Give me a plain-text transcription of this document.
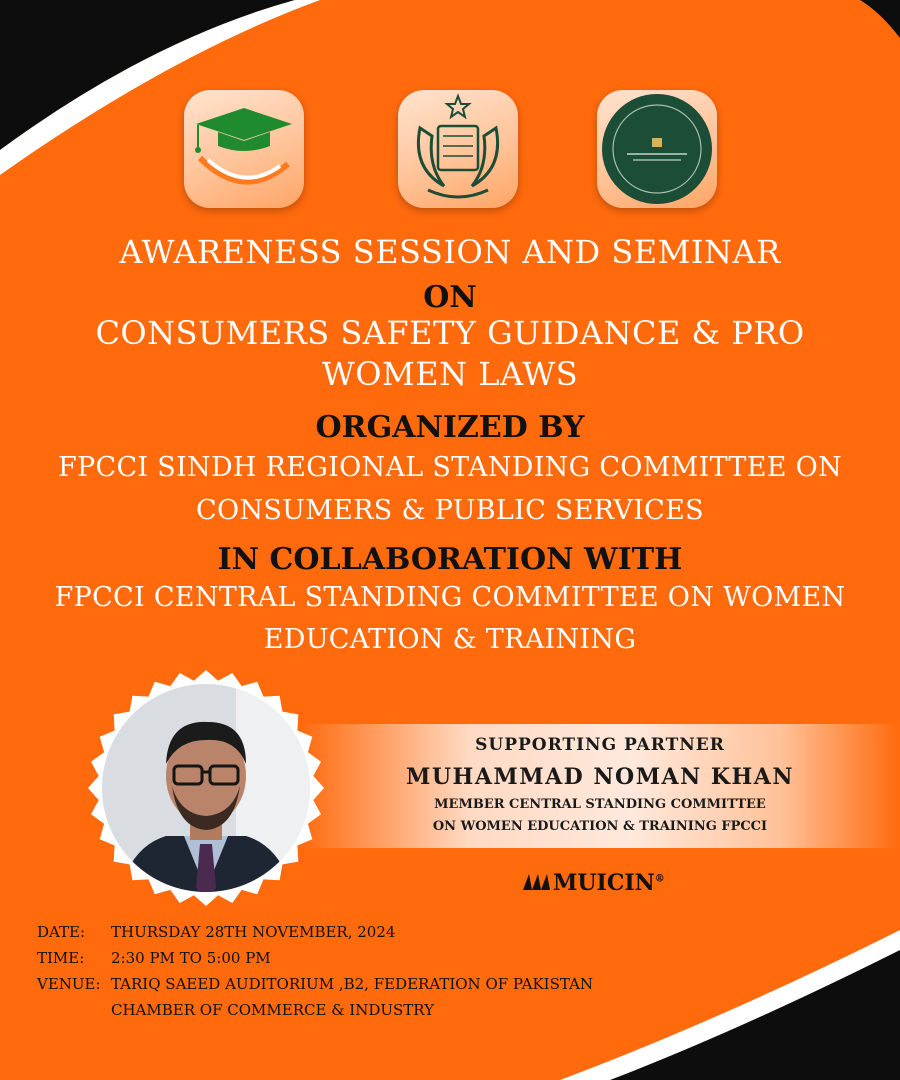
AWARENESS SESSION AND SEMINAR
ON
CONSUMERS SAFETY GUIDANCE & PRO
WOMEN LAWS
ORGANIZED BY
FPCCI SINDH REGIONAL STANDING COMMITTEE ON
CONSUMERS & PUBLIC SERVICES
IN COLLABORATION WITH
FPCCI CENTRAL STANDING COMMITTEE ON WOMEN
EDUCATION & TRAINING
SUPPORTING PARTNER
MUHAMMAD NOMAN KHAN
MEMBER CENTRAL STANDING COMMITTEE
ON WOMEN EDUCATION & TRAINING FPCCI
MUICIN®
DATE: THURSDAY 28TH NOVEMBER, 2024
TIME: 2:30 PM TO 5:00 PM
VENUE: TARIQ SAEED AUDITORIUM ,B2, FEDERATION OF PAKISTAN
CHAMBER OF COMMERCE & INDUSTRY
